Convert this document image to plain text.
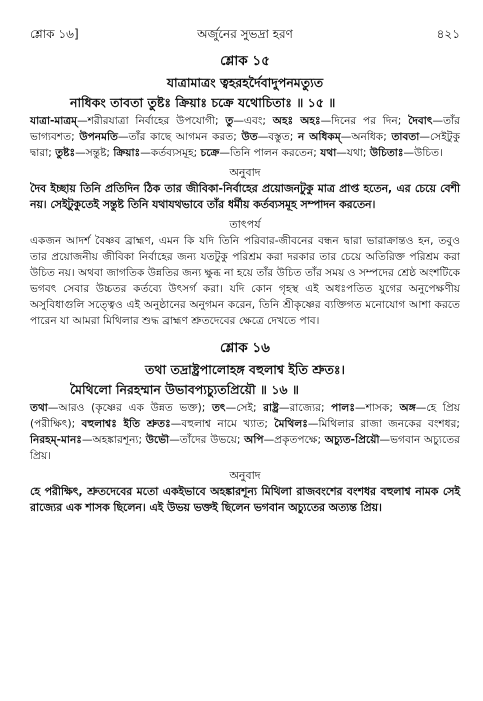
শ্লোক ১৬]	অর্জুনের সুভদ্রা হরণ	৪২১
শ্লোক ১৫
যাত্রামাত্রং ত্বহরহর্দৈবাদুপনমত্যুত
নাধিকং তাবতা তুষ্টঃ ক্রিয়াঃ চক্রে যথোচিতাঃ ॥ ১৫ ॥

যাত্রা-মাত্রম্—শরীরযাত্রা নির্বাহের উপযোগী; তু—এবং; অহঃ অহঃ—দিনের পর দিন; দৈবাৎ—তাঁর ভাগ্যবশত; উপনমতি—তাঁর কাছে আগমন করত; উত—বস্তুত; ন অধিকম্—অনধিক; তাবতা—সেইটুকু দ্বারা; তুষ্টঃ—সন্তুষ্ট; ক্রিয়াঃ—কর্তব্যসমূহ; চক্রে—তিনি পালন করতেন; যথা—যথা; উচিতাঃ—উচিত।

অনুবাদ

দৈব ইচ্ছায় তিনি প্রতিদিন ঠিক তার জীবিকা-নির্বাহের প্রয়োজনটুকু মাত্র প্রাপ্ত হতেন, এর চেয়ে বেশী নয়। সেইটুকুতেই সন্তুষ্ট তিনি যথাযথভাবে তাঁর ধর্মীয় কর্তব্যসমূহ সম্পাদন করতেন।

তাৎপর্য

একজন আদর্শ বৈষ্ণব ব্রাহ্মণ, এমন কি যদি তিনি পরিবার-জীবনের বন্ধন দ্বারা ভারাক্রান্তও হন, তবুও তার প্রয়োজনীয় জীবিকা নির্বাহের জন্য যতটুকু পরিশ্রম করা দরকার তার চেয়ে অতিরিক্ত পরিশ্রম করা উচিত নয়। অথবা জাগতিক উন্নতির জন্য ক্ষুব্ধ না হয়ে তাঁর উচিত তাঁর সময় ও সম্পদের শ্রেষ্ঠ অংশটিকে ভগবৎ সেবার উচ্চতর কর্তব্যে উৎসর্গ করা। যদি কোন গৃহস্থ এই অধঃপতিত যুগের অনুপেক্ষণীয় অসুবিধাগুলি সত্ত্বেও এই অনুষ্ঠানের অনুগমন করেন, তিনি শ্রীকৃষ্ণের ব্যক্তিগত মনোযোগ আশা করতে পারেন যা আমরা মিথিলার শুদ্ধ ব্রাহ্মণ শ্রুতদেবের ক্ষেত্রে দেখতে পাব।

শ্লোক ১৬
তথা তদ্রাষ্ট্রপালোহঙ্গ বহুলাশ্ব ইতি শ্রুতঃ।
মৈথিলো নিরহম্মান উভাবপ্যচ্যুতপ্রিয়ৌ ॥ ১৬ ॥

তথা—আরও (কৃষ্ণের এক উন্নত ভক্ত); তৎ—সেই; রাষ্ট্র—রাজ্যের; পালঃ—শাসক; অঙ্গ—হে প্রিয় (পরীক্ষিৎ); বহুলাশ্বঃ ইতি শ্রুতঃ—বহুলাশ্ব নামে খ্যাত; মৈথিলঃ—মিথিলার রাজা জনকের বংশধর; নিরহম্-মানঃ—অহঙ্কারশূন্য; উভৌ—তাঁদের উভয়ে; অপি—প্রকৃতপক্ষে; অচ্যুত-প্রিয়ৌ—ভগবান অচ্যুতের প্রিয়।

অনুবাদ

হে পরীক্ষিৎ, শ্রুতদেবের মতো একইভাবে অহঙ্কারশূন্য মিথিলা রাজবংশের বংশধর বহুলাশ্ব নামক সেই রাজ্যের এক শাসক ছিলেন। এই উভয় ভক্তই ছিলেন ভগবান অচ্যুতের অত্যন্ত প্রিয়।
